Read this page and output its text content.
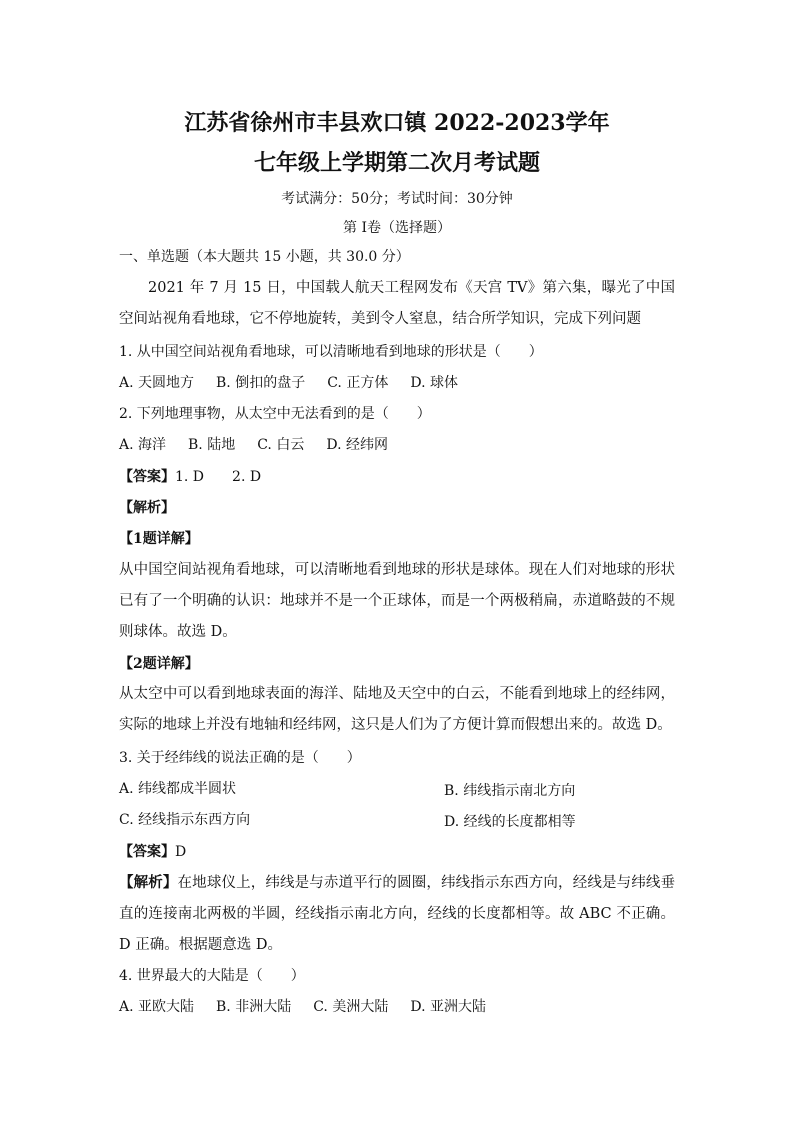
江苏省徐州市丰县欢口镇 2022-2023学年
七年级上学期第二次月考试题
考试满分：50分；考试时间：30分钟
第 I卷（选择题）
一、单选题（本大题共 15 小题，共 30.0 分）
2021 年 7 月 15 日，中国载人航天工程网发布《天宫 TV》第六集，曝光了中国空间站视角看地球，它不停地旋转，美到令人窒息，结合所学知识，完成下列问题
1. 从中国空间站视角看地球，可以清晰地看到地球的形状是（　　）
A. 天圆地方 B. 倒扣的盘子 C. 正方体 D. 球体
2. 下列地理事物，从太空中无法看到的是（　　）
A. 海洋 B. 陆地 C. 白云 D. 经纬网
【答案】1. D　　2. D
【解析】
【1题详解】
从中国空间站视角看地球，可以清晰地看到地球的形状是球体。现在人们对地球的形状已有了一个明确的认识：地球并不是一个正球体，而是一个两极稍扁，赤道略鼓的不规则球体。故选 D。
【2题详解】
从太空中可以看到地球表面的海洋、陆地及天空中的白云，不能看到地球上的经纬网，实际的地球上并没有地轴和经纬网，这只是人们为了方便计算而假想出来的。故选 D。
3. 关于经纬线的说法正确的是（　　）
A. 纬线都成半圆状	B. 纬线指示南北方向
C. 经线指示东西方向	D. 经线的长度都相等
【答案】D
【解析】在地球仪上，纬线是与赤道平行的圆圈，纬线指示东西方向，经线是与纬线垂直的连接南北两极的半圆，经线指示南北方向，经线的长度都相等。故 ABC 不正确。D 正确。根据题意选 D。
4. 世界最大的大陆是（　　）
A. 亚欧大陆 B. 非洲大陆 C. 美洲大陆 D. 亚洲大陆
